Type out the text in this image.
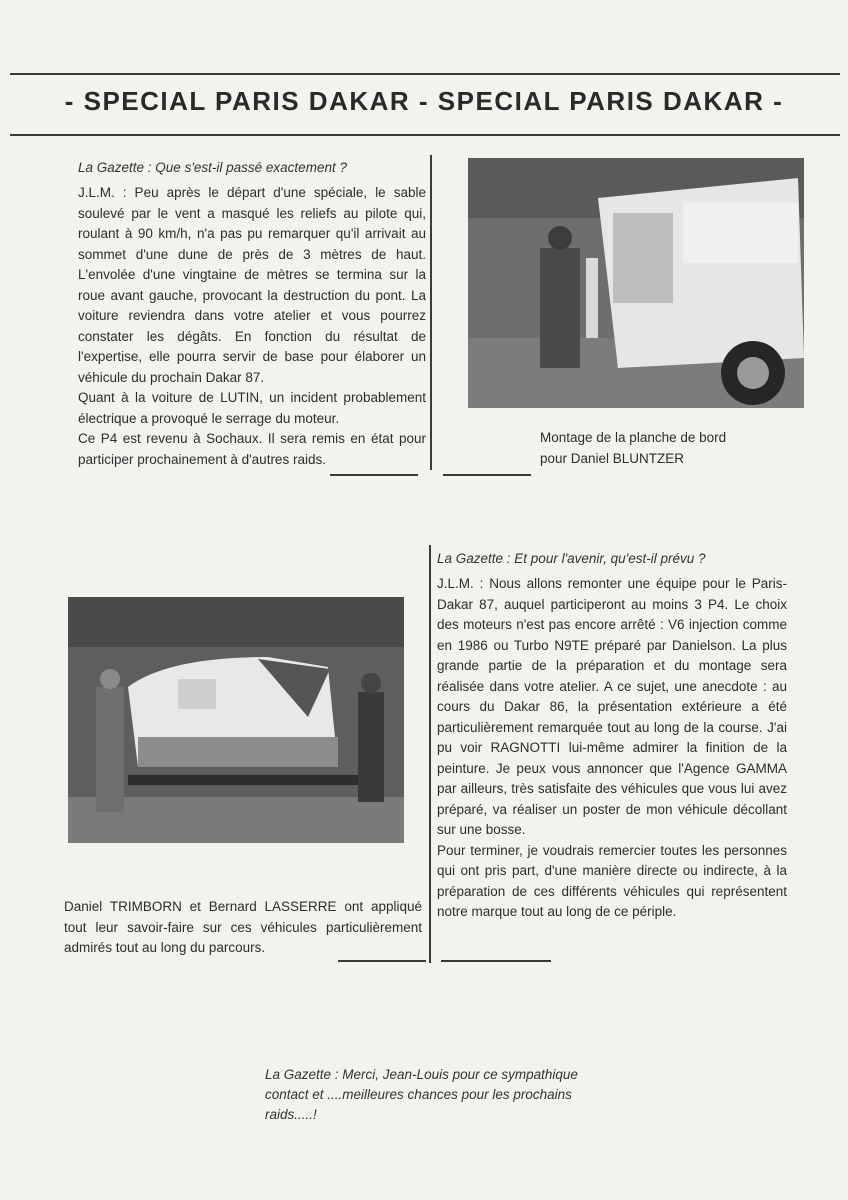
- SPECIAL PARIS DAKAR - SPECIAL PARIS DAKAR -
La Gazette : Que s'est-il passé exactement ?

J.L.M. : Peu après le départ d'une spéciale, le sable soulevé par le vent a masqué les reliefs au pilote qui, roulant à 90 km/h, n'a pas pu remarquer qu'il arrivait au sommet d'une dune de près de 3 mètres de haut. L'envolée d'une vingtaine de mètres se termina sur la roue avant gauche, provocant la destruction du pont. La voiture reviendra dans votre atelier et vous pourrez constater les dégâts. En fonction du résultat de l'expertise, elle pourra servir de base pour élaborer un véhicule du prochain Dakar 87.

Quant à la voiture de LUTIN, un incident probablement électrique a provoqué le serrage du moteur.

Ce P4 est revenu à Sochaux. Il sera remis en état pour participer prochainement à d'autres raids.

Montage de la planche de bord
pour Daniel BLUNTZER
Daniel TRIMBORN et Bernard LASSERRE ont appliqué tout leur savoir-faire sur ces véhicules particulièrement admirés tout au long du parcours.
La Gazette : Et pour l'avenir, qu'est-il prévu ?

J.L.M. : Nous allons remonter une équipe pour le Paris-Dakar 87, auquel participeront au moins 3 P4. Le choix des moteurs n'est pas encore arrêté : V6 injection comme en 1986 ou Turbo N9TE préparé par Danielson. La plus grande partie de la préparation et du montage sera réalisée dans votre atelier. A ce sujet, une anecdote : au cours du Dakar 86, la présentation extérieure a été particulièrement remarquée tout au long de la course. J'ai pu voir RAGNOTTI lui-même admirer la finition de la peinture. Je peux vous annoncer que l'Agence GAMMA par ailleurs, très satisfaite des véhicules que vous lui avez préparé, va réaliser un poster de mon véhicule décollant sur une bosse.

Pour terminer, je voudrais remercier toutes les personnes qui ont pris part, d'une manière directe ou indirecte, à la préparation de ces différents véhicules qui représentent notre marque tout au long de ce périple.

La Gazette : Merci, Jean-Louis pour ce sympathique contact et ....meilleures chances pour les prochains raids.....!
